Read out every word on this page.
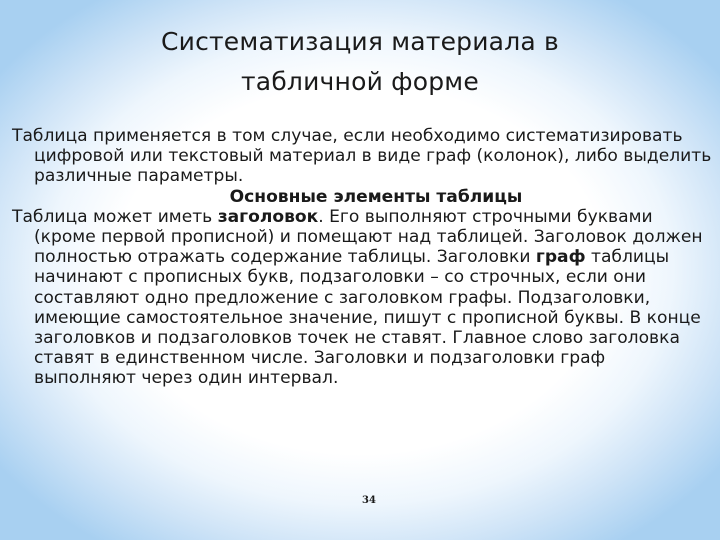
Систематизация материала в
табличной форме

Таблица применяется в том случае, если необходимо систематизировать цифровой или текстовый материал в виде граф (колонок), либо выделить различные параметры.

Основные элементы таблицы

Таблица может иметь заголовок. Его выполняют строчными буквами (кроме первой прописной) и помещают над таблицей. Заголовок должен полностью отражать содержание таблицы. Заголовки граф таблицы начинают с прописных букв, подзаголовки – со строчных, если они составляют одно предложение с заголовком графы. Подзаголовки, имеющие самостоятельное значение, пишут с прописной буквы. В конце заголовков и подзаголовков точек не ставят. Главное слово заголовка ставят в единственном числе. Заголовки и подзаголовки граф выполняют через один интервал.

34
